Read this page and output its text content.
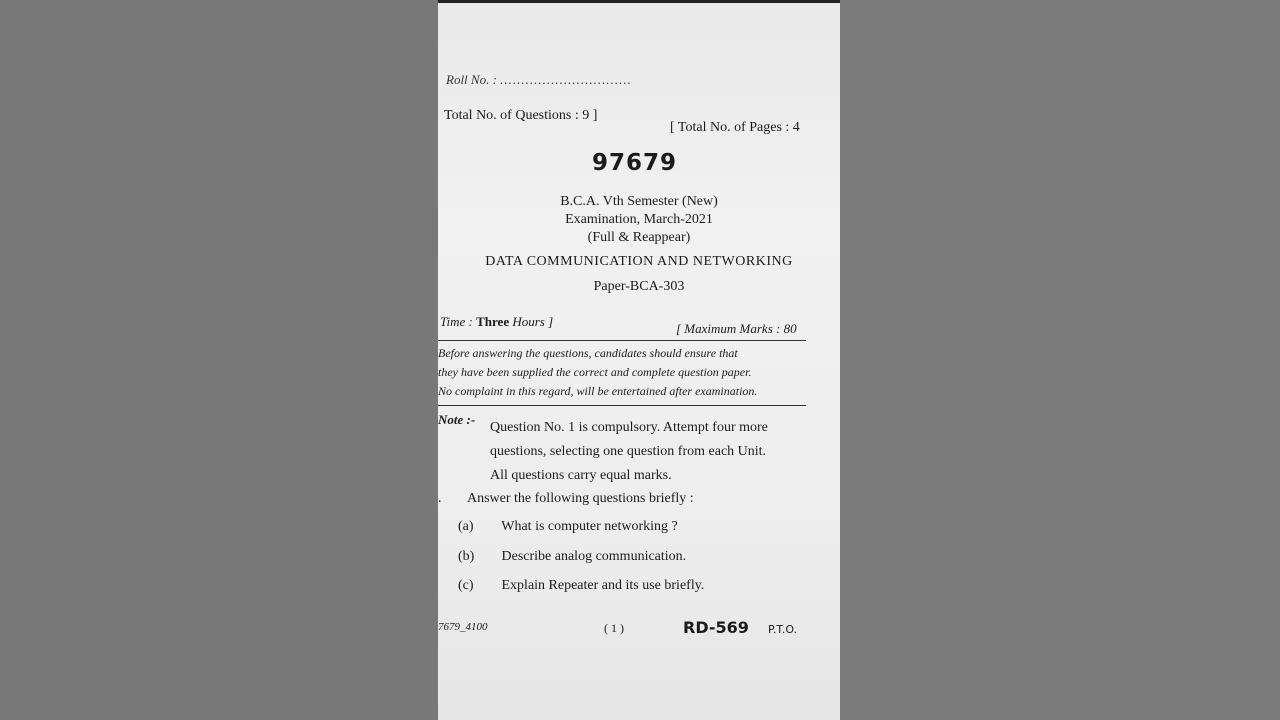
Roll No. : ...............................
Total No. of Questions : 9 ]
[ Total No. of Pages : 4
97679
B.C.A. Vth Semester (New)
Examination, March-2021
(Full & Reappear)
DATA COMMUNICATION AND NETWORKING
Paper-BCA-303
Time : Three Hours ]	[ Maximum Marks : 80
Before answering the questions, candidates should ensure that
they have been supplied the correct and complete question paper.
No complaint in this regard, will be entertained after examination.
Note :-
Question No. 1 is compulsory. Attempt four more
questions, selecting one question from each Unit.
All questions carry equal marks.
. Answer the following questions briefly :
(a) What is computer networking ?
(b) Describe analog communication.
(c) Explain Repeater and its use briefly.
7679_4100	( 1 )	RD-569 P.T.O.
